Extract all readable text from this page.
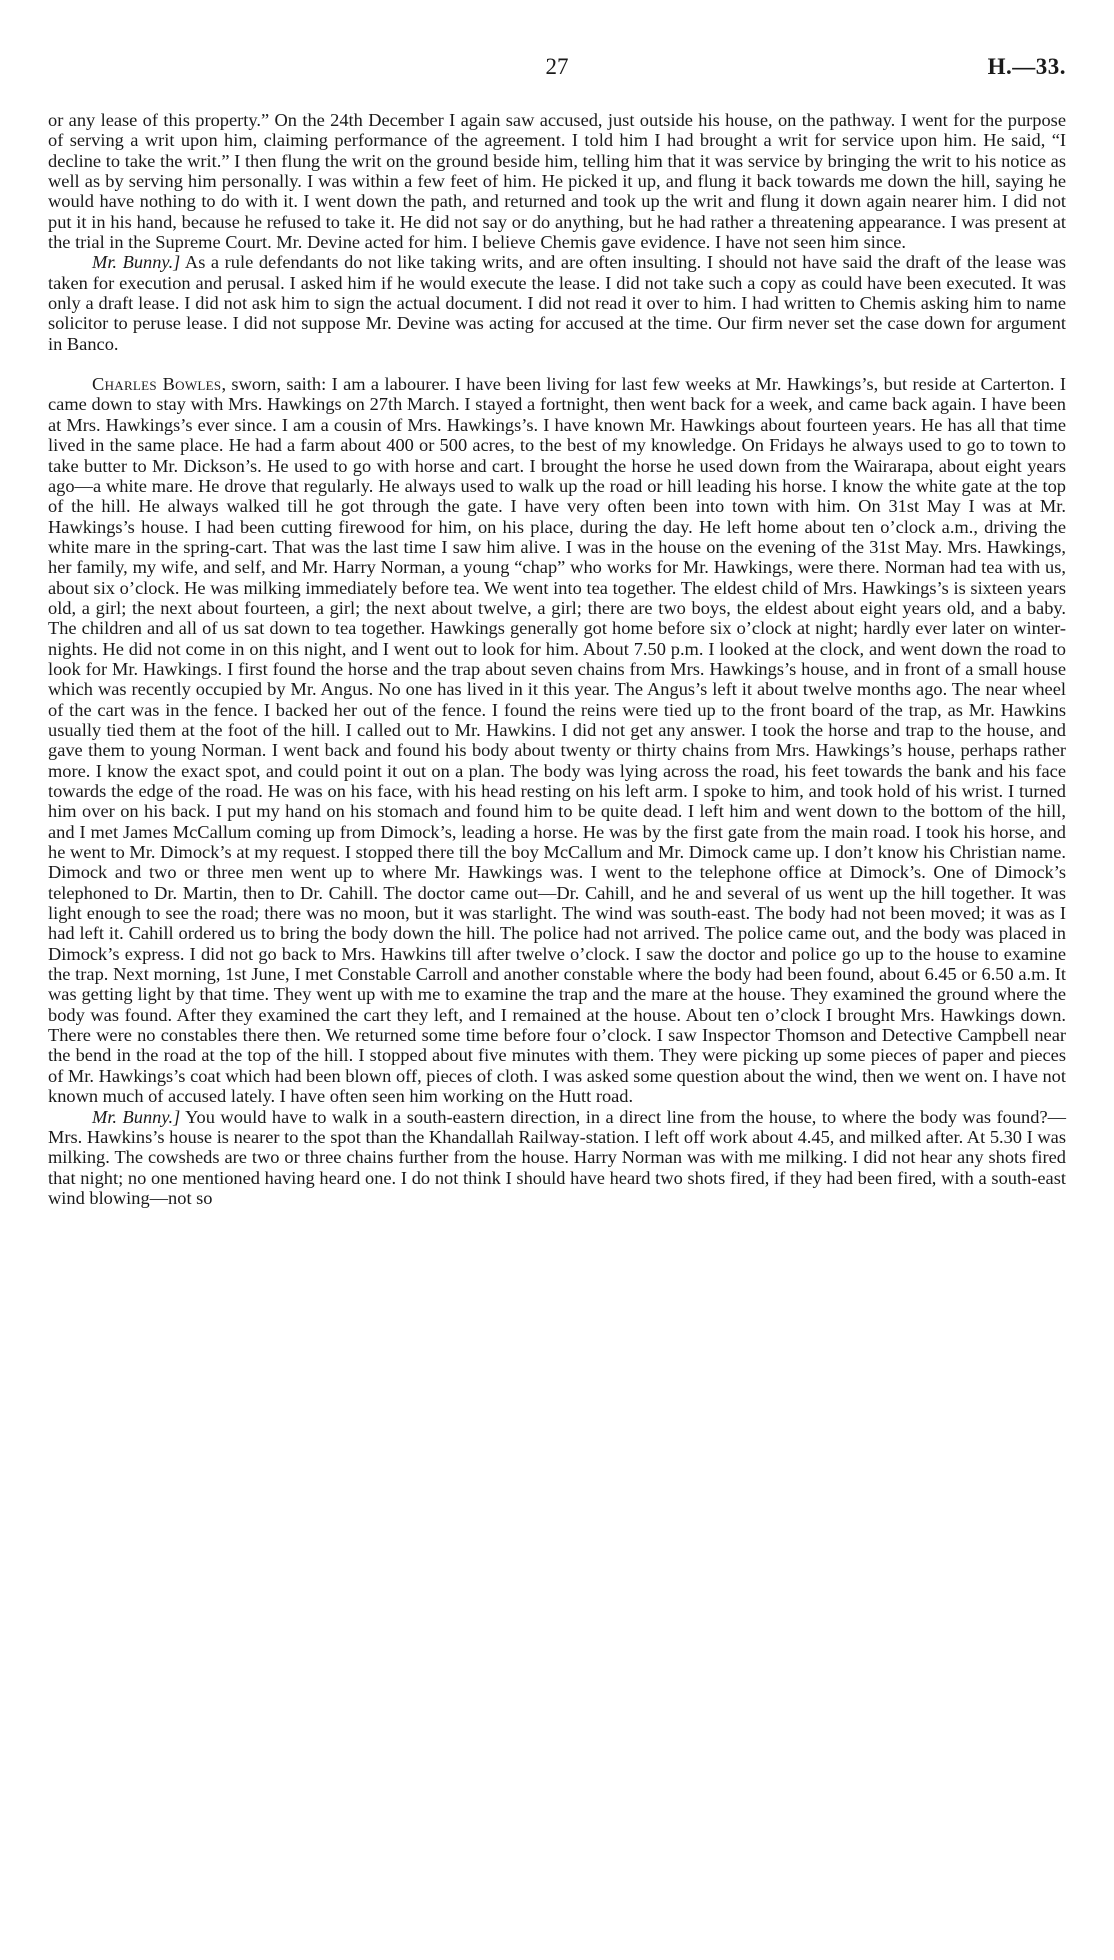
27	H.—33.

or any lease of this property.” On the 24th December I again saw accused, just outside his house, on the pathway. I went for the purpose of serving a writ upon him, claiming performance of the agreement. I told him I had brought a writ for service upon him. He said, “I decline to take the writ.” I then flung the writ on the ground beside him, telling him that it was service by bringing the writ to his notice as well as by serving him personally. I was within a few feet of him. He picked it up, and flung it back towards me down the hill, saying he would have nothing to do with it. I went down the path, and returned and took up the writ and flung it down again nearer him. I did not put it in his hand, because he refused to take it. He did not say or do anything, but he had rather a threatening appearance. I was present at the trial in the Supreme Court. Mr. Devine acted for him. I believe Chemis gave evidence. I have not seen him since.

Mr. Bunny.] As a rule defendants do not like taking writs, and are often insulting. I should not have said the draft of the lease was taken for execution and perusal. I asked him if he would execute the lease. I did not take such a copy as could have been executed. It was only a draft lease. I did not ask him to sign the actual document. I did not read it over to him. I had written to Chemis asking him to name solicitor to peruse lease. I did not suppose Mr. Devine was acting for accused at the time. Our firm never set the case down for argument in Banco.

Charles Bowles, sworn, saith: I am a labourer. I have been living for last few weeks at Mr. Hawkings’s, but reside at Carterton. I came down to stay with Mrs. Hawkings on 27th March. I stayed a fortnight, then went back for a week, and came back again. I have been at Mrs. Hawkings’s ever since. I am a cousin of Mrs. Hawkings’s. I have known Mr. Hawkings about fourteen years. He has all that time lived in the same place. He had a farm about 400 or 500 acres, to the best of my knowledge. On Fridays he always used to go to town to take butter to Mr. Dickson’s. He used to go with horse and cart. I brought the horse he used down from the Wairarapa, about eight years ago—a white mare. He drove that regularly. He always used to walk up the road or hill leading his horse. I know the white gate at the top of the hill. He always walked till he got through the gate. I have very often been into town with him. On 31st May I was at Mr. Hawkings’s house. I had been cutting firewood for him, on his place, during the day. He left home about ten o’clock a.m., driving the white mare in the spring-cart. That was the last time I saw him alive. I was in the house on the evening of the 31st May. Mrs. Hawkings, her family, my wife, and self, and Mr. Harry Norman, a young “chap” who works for Mr. Hawkings, were there. Norman had tea with us, about six o’clock. He was milking immediately before tea. We went into tea together. The eldest child of Mrs. Hawkings’s is sixteen years old, a girl; the next about fourteen, a girl; the next about twelve, a girl; there are two boys, the eldest about eight years old, and a baby. The children and all of us sat down to tea together. Hawkings generally got home before six o’clock at night; hardly ever later on winter-nights. He did not come in on this night, and I went out to look for him. About 7.50 p.m. I looked at the clock, and went down the road to look for Mr. Hawkings. I first found the horse and the trap about seven chains from Mrs. Hawkings’s house, and in front of a small house which was recently occupied by Mr. Angus. No one has lived in it this year. The Angus’s left it about twelve months ago. The near wheel of the cart was in the fence. I backed her out of the fence. I found the reins were tied up to the front board of the trap, as Mr. Hawkins usually tied them at the foot of the hill. I called out to Mr. Hawkins. I did not get any answer. I took the horse and trap to the house, and gave them to young Norman. I went back and found his body about twenty or thirty chains from Mrs. Hawkings’s house, perhaps rather more. I know the exact spot, and could point it out on a plan. The body was lying across the road, his feet towards the bank and his face towards the edge of the road. He was on his face, with his head resting on his left arm. I spoke to him, and took hold of his wrist. I turned him over on his back. I put my hand on his stomach and found him to be quite dead. I left him and went down to the bottom of the hill, and I met James McCallum coming up from Dimock’s, leading a horse. He was by the first gate from the main road. I took his horse, and he went to Mr. Dimock’s at my request. I stopped there till the boy McCallum and Mr. Dimock came up. I don’t know his Christian name. Dimock and two or three men went up to where Mr. Hawkings was. I went to the telephone office at Dimock’s. One of Dimock’s telephoned to Dr. Martin, then to Dr. Cahill. The doctor came out—Dr. Cahill, and he and several of us went up the hill together. It was light enough to see the road; there was no moon, but it was starlight. The wind was south-east. The body had not been moved; it was as I had left it. Cahill ordered us to bring the body down the hill. The police had not arrived. The police came out, and the body was placed in Dimock’s express. I did not go back to Mrs. Hawkins till after twelve o’clock. I saw the doctor and police go up to the house to examine the trap. Next morning, 1st June, I met Constable Carroll and another constable where the body had been found, about 6.45 or 6.50 a.m. It was getting light by that time. They went up with me to examine the trap and the mare at the house. They examined the ground where the body was found. After they examined the cart they left, and I remained at the house. About ten o’clock I brought Mrs. Hawkings down. There were no constables there then. We returned some time before four o’clock. I saw Inspector Thomson and Detective Campbell near the bend in the road at the top of the hill. I stopped about five minutes with them. They were picking up some pieces of paper and pieces of Mr. Hawkings’s coat which had been blown off, pieces of cloth. I was asked some question about the wind, then we went on. I have not known much of accused lately. I have often seen him working on the Hutt road.

Mr. Bunny.] You would have to walk in a south-eastern direction, in a direct line from the house, to where the body was found?—Mrs. Hawkins’s house is nearer to the spot than the Khandallah Railway-station. I left off work about 4.45, and milked after. At 5.30 I was milking. The cowsheds are two or three chains further from the house. Harry Norman was with me milking. I did not hear any shots fired that night; no one mentioned having heard one. I do not think I should have heard two shots fired, if they had been fired, with a south-east wind blowing—not so
